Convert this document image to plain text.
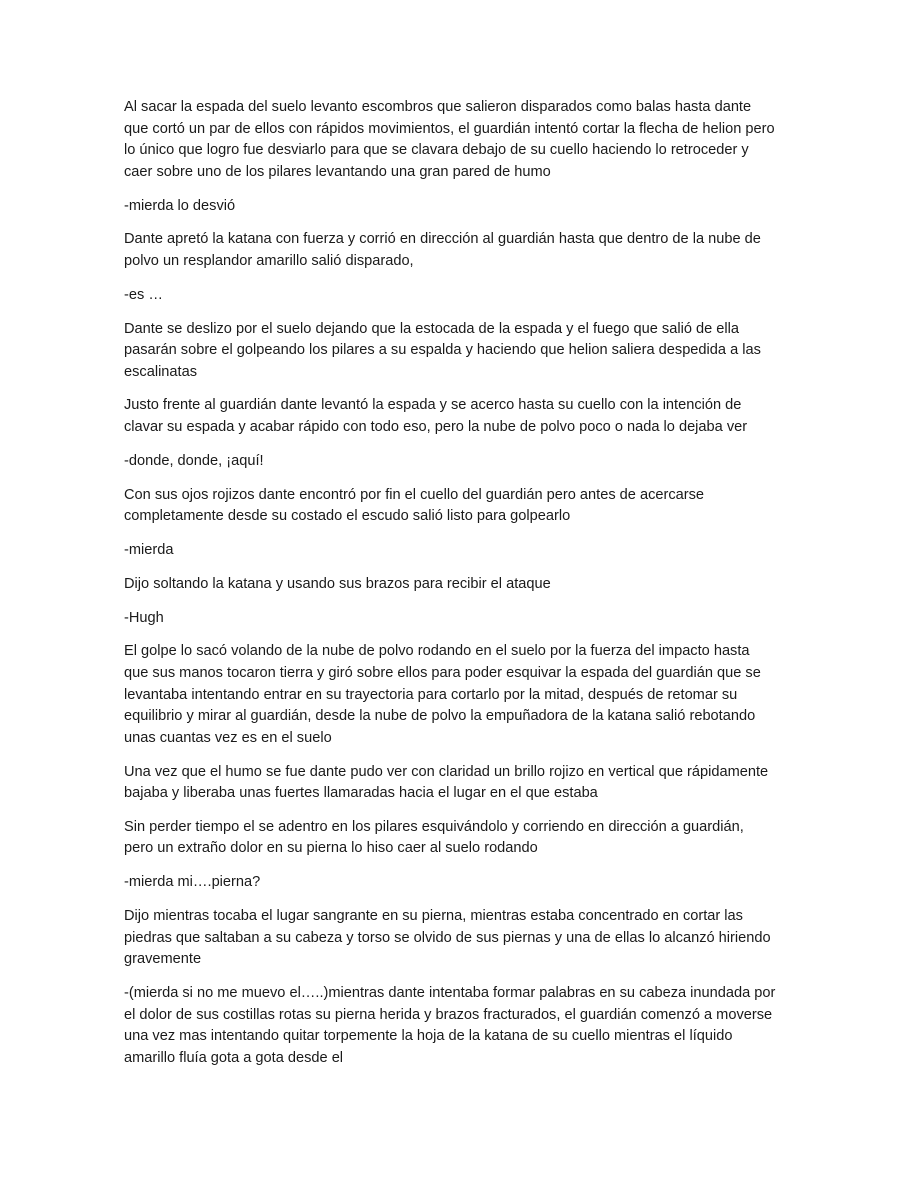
Al sacar la espada del suelo levanto escombros que salieron disparados como balas hasta dante que cortó un par de ellos con rápidos movimientos, el guardián intentó cortar la flecha de helion pero lo único que logro fue desviarlo para que se clavara debajo de su cuello haciendo lo retroceder y caer sobre uno de los pilares levantando una gran pared de humo

-mierda lo desvió

Dante apretó la katana con fuerza y corrió en dirección al guardián hasta que dentro de la nube de polvo un resplandor amarillo salió disparado,

-es …

Dante se deslizo por el suelo dejando que la estocada de la espada y el fuego que salió de ella pasarán sobre el golpeando los pilares a su espalda y haciendo que helion saliera despedida a las escalinatas

Justo frente al guardián dante levantó la espada y se acerco hasta su cuello con la intención de clavar su espada y acabar rápido con todo eso, pero la nube de polvo poco o nada lo dejaba ver

-donde, donde, ¡aquí!

Con sus ojos rojizos dante encontró por fin el cuello del guardián pero antes de acercarse completamente desde su costado el escudo salió listo para golpearlo

-mierda

Dijo soltando la katana y usando sus brazos para recibir el ataque

-Hugh

El golpe lo sacó volando de la nube de polvo rodando en el suelo por la fuerza del impacto hasta que sus manos tocaron tierra y giró sobre ellos para poder esquivar la espada del guardián que se levantaba intentando entrar en su trayectoria para cortarlo por la mitad, después de retomar su equilibrio y mirar al guardián, desde la nube de polvo la empuñadora de la katana salió rebotando unas cuantas vez es en el suelo

Una vez que el humo se fue dante pudo ver con claridad un brillo rojizo en vertical que rápidamente bajaba y liberaba unas fuertes llamaradas hacia el lugar en el que estaba

Sin perder tiempo el se adentro en los pilares esquivándolo y corriendo en dirección a guardián, pero un extraño dolor en su pierna lo hiso caer al suelo rodando

-mierda mi….pierna?

Dijo mientras tocaba el lugar sangrante en su pierna, mientras estaba concentrado en cortar las piedras que saltaban a su cabeza y torso se olvido de sus piernas y una de ellas lo alcanzó hiriendo gravemente

-(mierda si no me muevo el…..)mientras dante intentaba formar palabras en su cabeza inundada por el dolor de sus costillas rotas su pierna herida y brazos fracturados, el guardián comenzó a moverse una vez mas intentando quitar torpemente la hoja de la katana de su cuello mientras el líquido amarillo fluía gota a gota desde el
